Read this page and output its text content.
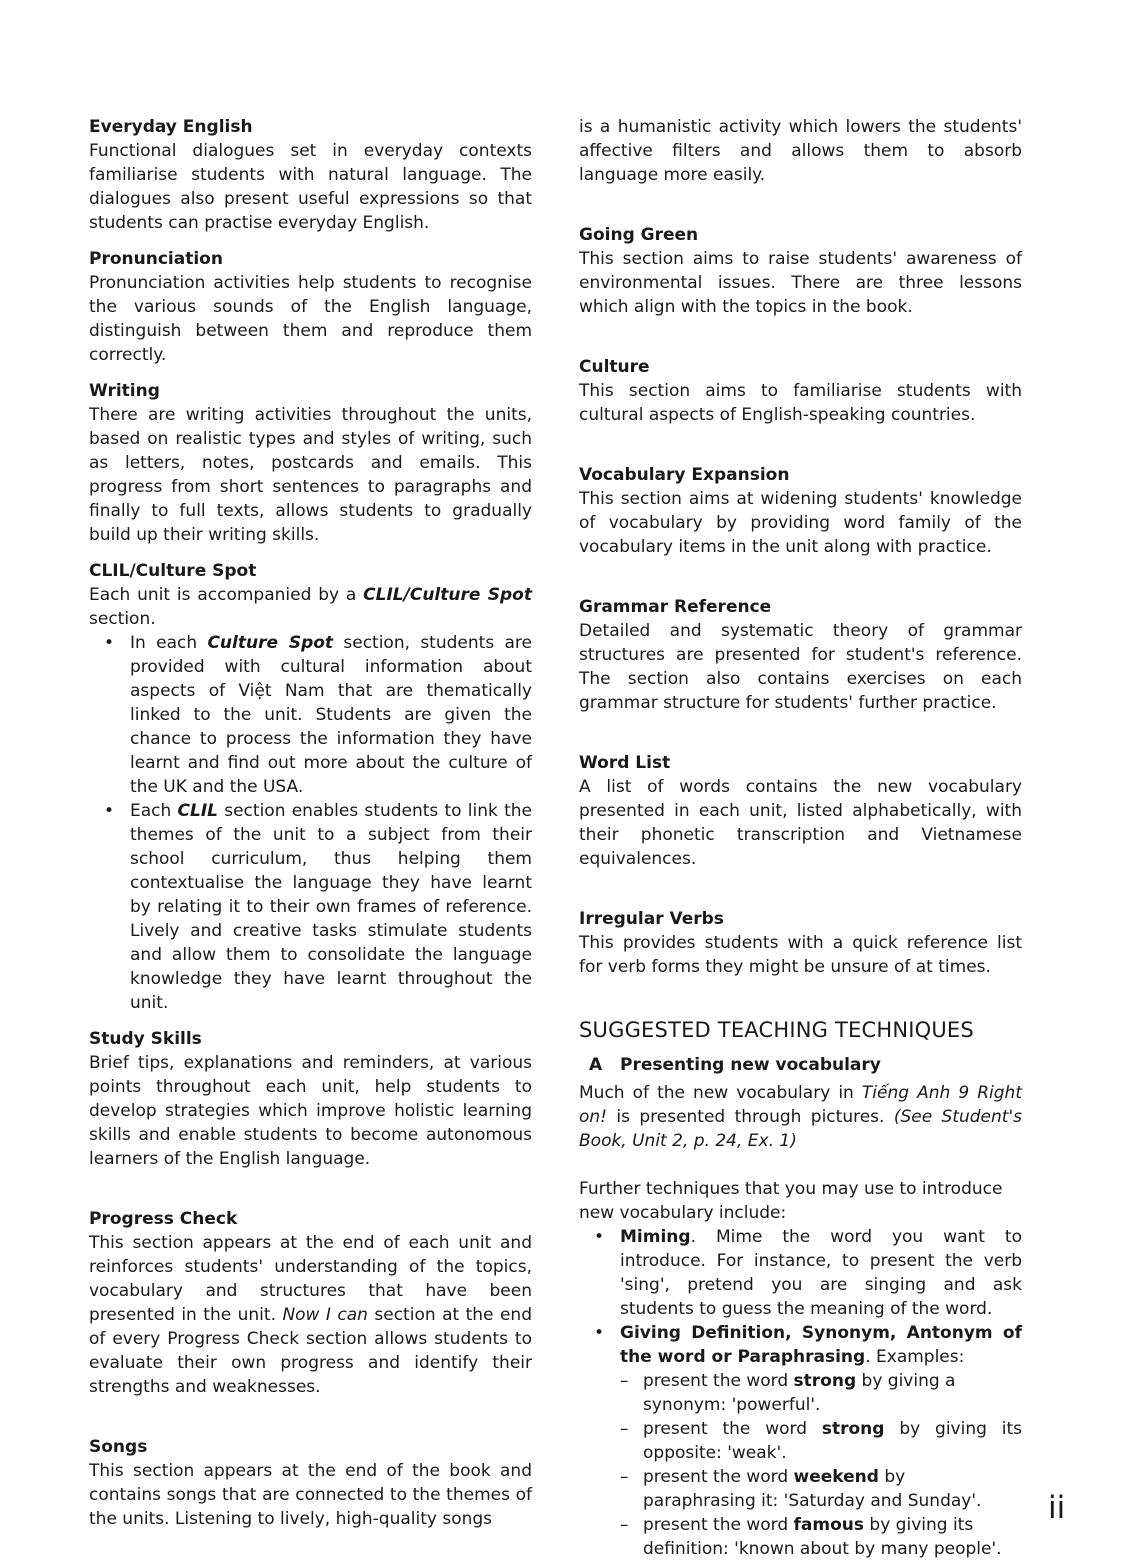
Everyday English

Functional dialogues set in everyday contexts familiarise students with natural language. The dialogues also present useful expressions so that students can practise everyday English.

Pronunciation

Pronunciation activities help students to recognise the various sounds of the English language, distinguish between them and reproduce them correctly.

Writing

There are writing activities throughout the units, based on realistic types and styles of writing, such as letters, notes, postcards and emails. This progress from short sentences to paragraphs and finally to full texts, allows students to gradually build up their writing skills.

CLIL/Culture Spot

Each unit is accompanied by a CLIL/Culture Spot section.

• In each Culture Spot section, students are provided with cultural information about aspects of Việt Nam that are thematically linked to the unit. Students are given the chance to process the information they have learnt and find out more about the culture of the UK and the USA.
• Each CLIL section enables students to link the themes of the unit to a subject from their school curriculum, thus helping them contextualise the language they have learnt by relating it to their own frames of reference. Lively and creative tasks stimulate students and allow them to consolidate the language knowledge they have learnt throughout the unit.
Study Skills

Brief tips, explanations and reminders, at various points throughout each unit, help students to develop strategies which improve holistic learning skills and enable students to become autonomous learners of the English language.

Progress Check

This section appears at the end of each unit and reinforces students' understanding of the topics, vocabulary and structures that have been presented in the unit. Now I can section at the end of every Progress Check section allows students to evaluate their own progress and identify their strengths and weaknesses.

Songs

This section appears at the end of the book and contains songs that are connected to the themes of the units. Listening to lively, high-quality songs

is a humanistic activity which lowers the students' affective filters and allows them to absorb language more easily.

Going Green

This section aims to raise students' awareness of environmental issues. There are three lessons which align with the topics in the book.

Culture

This section aims to familiarise students with cultural aspects of English-speaking countries.

Vocabulary Expansion

This section aims at widening students' knowledge of vocabulary by providing word family of the vocabulary items in the unit along with practice.

Grammar Reference

Detailed and systematic theory of grammar structures are presented for student's reference. The section also contains exercises on each grammar structure for students' further practice.

Word List

A list of words contains the new vocabulary presented in each unit, listed alphabetically, with their phonetic transcription and Vietnamese equivalences.

Irregular Verbs

This provides students with a quick reference list for verb forms they might be unsure of at times.

SUGGESTED TEACHING TECHNIQUES
A Presenting new vocabulary

Much of the new vocabulary in Tiếng Anh 9 Right on! is presented through pictures. (See Student's Book, Unit 2, p. 24, Ex. 1)

Further techniques that you may use to introduce new vocabulary include:

• Miming. Mime the word you want to introduce. For instance, to present the verb 'sing', pretend you are singing and ask students to guess the meaning of the word.
• Giving Definition, Synonym, Antonym of the word or Paraphrasing. Examples:
– present the word strong by giving a synonym: 'powerful'.
– present the word strong by giving its opposite: 'weak'.
– present the word weekend by paraphrasing it: 'Saturday and Sunday'.
– present the word famous by giving its definition: 'known about by many people'.
ii
